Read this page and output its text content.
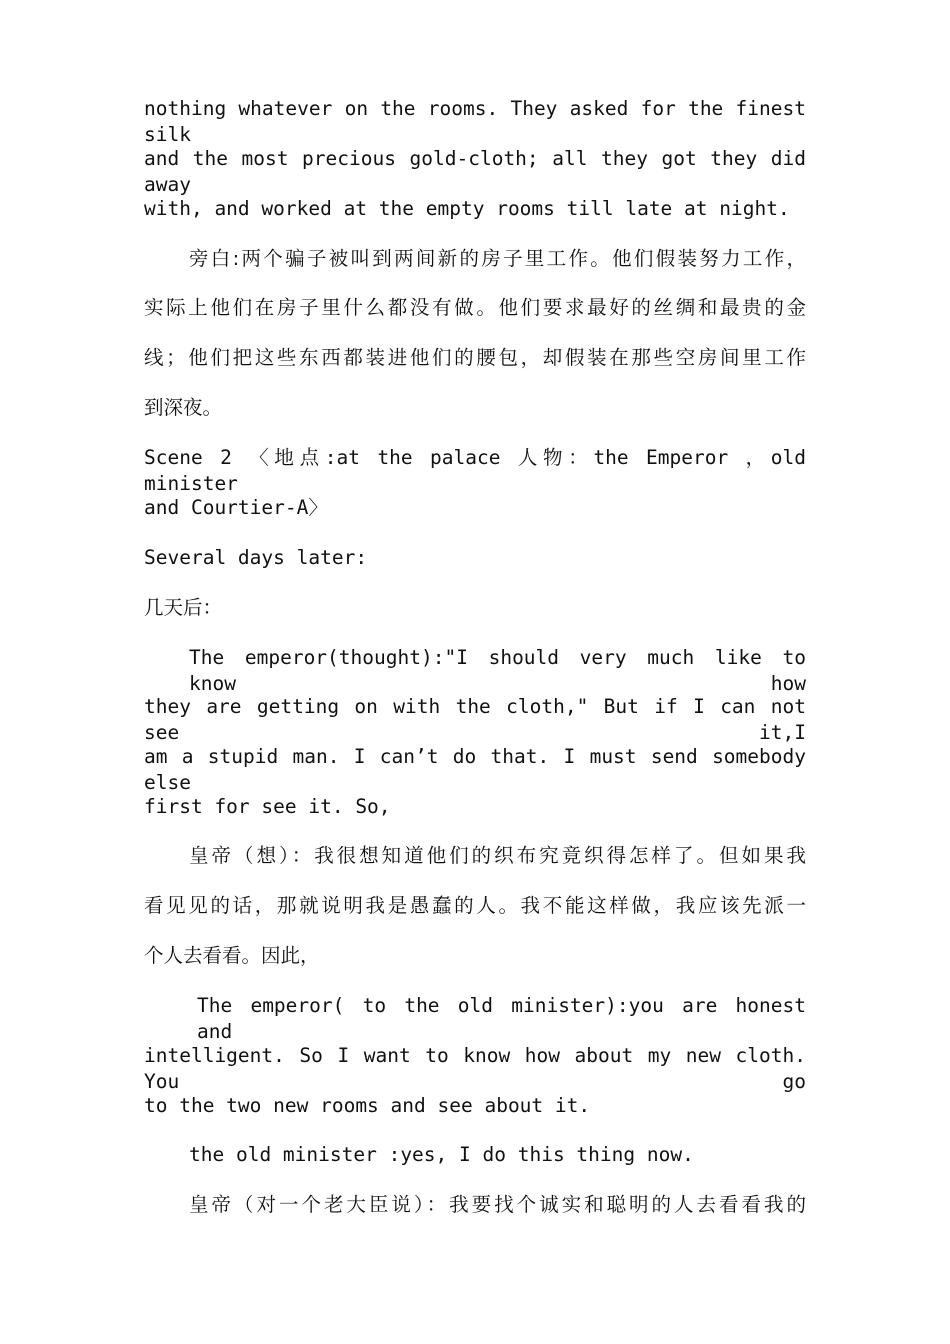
nothing whatever on the rooms. They asked for the finest silk
and the most precious gold-cloth; all they got they did away
with, and worked at the empty rooms till late at night.
旁白:两个骗子被叫到两间新的房子里工作。他们假装努力工作，
实际上他们在房子里什么都没有做。他们要求最好的丝绸和最贵的金
线；他们把这些东西都装进他们的腰包，却假装在那些空房间里工作
到深夜。
Scene 2 〈地点:at the palace 人物：the Emperor ，old minister
and Courtier-A〉
Several days later:
几天后：
The emperor(thought):"I should very much like to know how
they are getting on with the cloth," But if I can not see it,I
am a stupid man. I can’t do that. I must send somebody else
first for see it. So,
皇帝（想）：我很想知道他们的织布究竟织得怎样了。但如果我
看见见的话，那就说明我是愚蠢的人。我不能这样做，我应该先派一
个人去看看。因此，
The emperor( to the old minister):you are honest and
intelligent. So I want to know how about my new cloth. You go
to the two new rooms and see about it.
the old minister :yes, I do this thing now.
皇帝（对一个老大臣说）：我要找个诚实和聪明的人去看看我的
